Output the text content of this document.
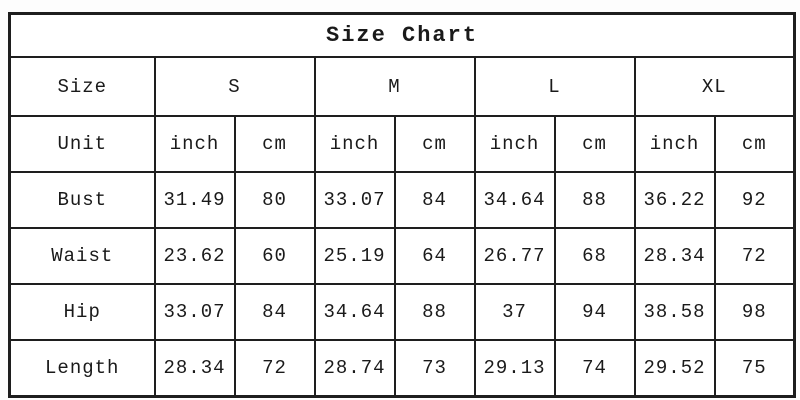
Size Chart								
Size	S		M		L		XL	
Unit	inch	cm	inch	cm	inch	cm	inch	cm
Bust	31.49	80	33.07	84	34.64	88	36.22	92
Waist	23.62	60	25.19	64	26.77	68	28.34	72
Hip	33.07	84	34.64	88	37	94	38.58	98
Length	28.34	72	28.74	73	29.13	74	29.52	75
